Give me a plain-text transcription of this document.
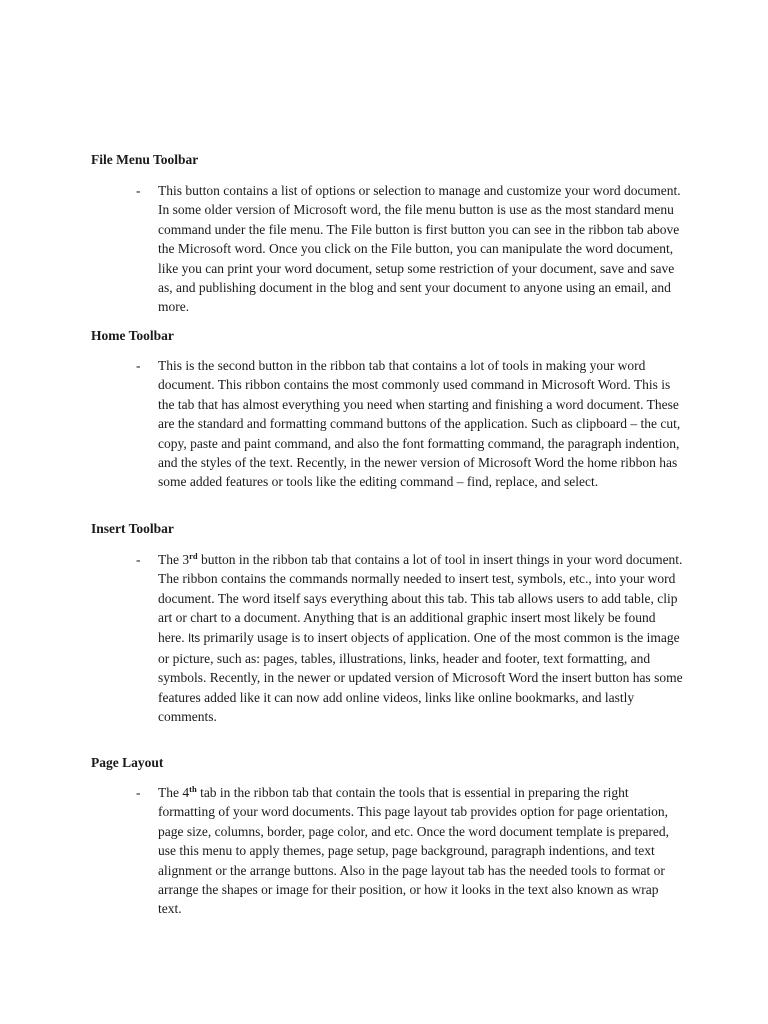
File Menu Toolbar
- This button contains a list of options or selection to manage and customize your word document. In some older version of Microsoft word, the file menu button is use as the most standard menu command under the file menu. The File button is first button you can see in the ribbon tab above the Microsoft word. Once you click on the File button, you can manipulate the word document, like you can print your word document, setup some restriction of your document, save and save as, and publishing document in the blog and sent your document to anyone using an email, and more.

Home Toolbar
- This is the second button in the ribbon tab that contains a lot of tools in making your word document. This ribbon contains the most commonly used command in Microsoft Word. This is the tab that has almost everything you need when starting and finishing a word document. These are the standard and formatting command buttons of the application. Such as clipboard – the cut, copy, paste and paint command, and also the font formatting command, the paragraph indention, and the styles of the text. Recently, in the newer version of Microsoft Word the home ribbon has some added features or tools like the editing command – find, replace, and select.

Insert Toolbar
- The 3rd button in the ribbon tab that contains a lot of tool in insert things in your word document. The ribbon contains the commands normally needed to insert test, symbols, etc., into your word document. The word itself says everything about this tab. This tab allows users to add table, clip art or chart to a document. Anything that is an additional graphic insert most likely be found here. Its primarily usage is to insert objects of application. One of the most common is the image or picture, such as: pages, tables, illustrations, links, header and footer, text formatting, and symbols. Recently, in the newer or updated version of Microsoft Word the insert button has some features added like it can now add online videos, links like online bookmarks, and lastly comments.

Page Layout
- The 4th tab in the ribbon tab that contain the tools that is essential in preparing the right formatting of your word documents. This page layout tab provides option for page orientation, page size, columns, border, page color, and etc. Once the word document template is prepared, use this menu to apply themes, page setup, page background, paragraph indentions, and text alignment or the arrange buttons. Also in the page layout tab has the needed tools to format or arrange the shapes or image for their position, or how it looks in the text also known as wrap text.
